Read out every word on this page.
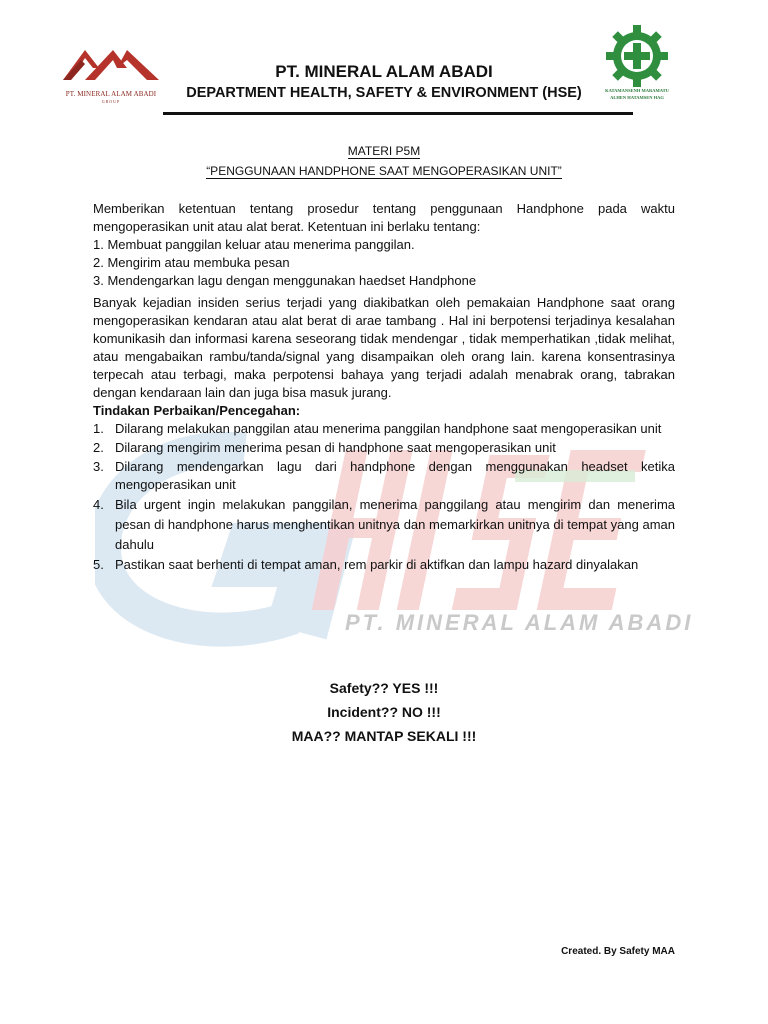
PT. MINERAL ALAM ABADI
GROUP
KATAMANSENH MARAMATU
ALHEN HATAMSEN HAG
PT. MINERAL ALAM ABADI
DEPARTMENT HEALTH, SAFETY & ENVIRONMENT (HSE)
PT. MINERAL ALAM ABADI
MATERI P5M
“PENGGUNAAN HANDPHONE SAAT MENGOPERASIKAN UNIT”

Memberikan ketentuan tentang prosedur tentang penggunaan Handphone pada waktu mengoperasikan unit atau alat berat. Ketentuan ini berlaku tentang:

1. Membuat panggilan keluar atau menerima panggilan.
2. Mengirim atau membuka pesan
3. Mendengarkan lagu dengan menggunakan haedset Handphone

Banyak kejadian insiden serius terjadi yang diakibatkan oleh pemakaian Handphone saat orang mengoperasikan kendaran atau alat berat di arae tambang . Hal ini berpotensi terjadinya kesalahan komunikasih dan informasi karena seseorang tidak mendengar , tidak memperhatikan ,tidak melihat, atau mengabaikan rambu/tanda/signal yang disampaikan oleh orang lain. karena konsentrasinya terpecah atau terbagi, maka perpotensi bahaya yang terjadi adalah menabrak orang, tabrakan dengan kendaraan lain dan juga bisa masuk jurang.

Tindakan Perbaikan/Pencegahan:

1. Dilarang melakukan panggilan atau menerima panggilan handphone saat mengoperasikan unit
2. Dilarang mengirim menerima pesan di handphone saat mengoperasikan unit
3. Dilarang mendengarkan lagu dari handphone dengan menggunakan headset ketika mengoperasikan unit
4. Bila urgent ingin melakukan panggilan, menerima panggilang atau mengirim dan menerima pesan di handphone harus menghentikan unitnya dan memarkirkan unitnya di tempat yang aman dahulu
5. Pastikan saat berhenti di tempat aman, rem parkir di aktifkan dan lampu hazard dinyalakan

Safety?? YES !!!

Incident?? NO !!!

MAA?? MANTAP SEKALI !!!

Created. By Safety MAA
